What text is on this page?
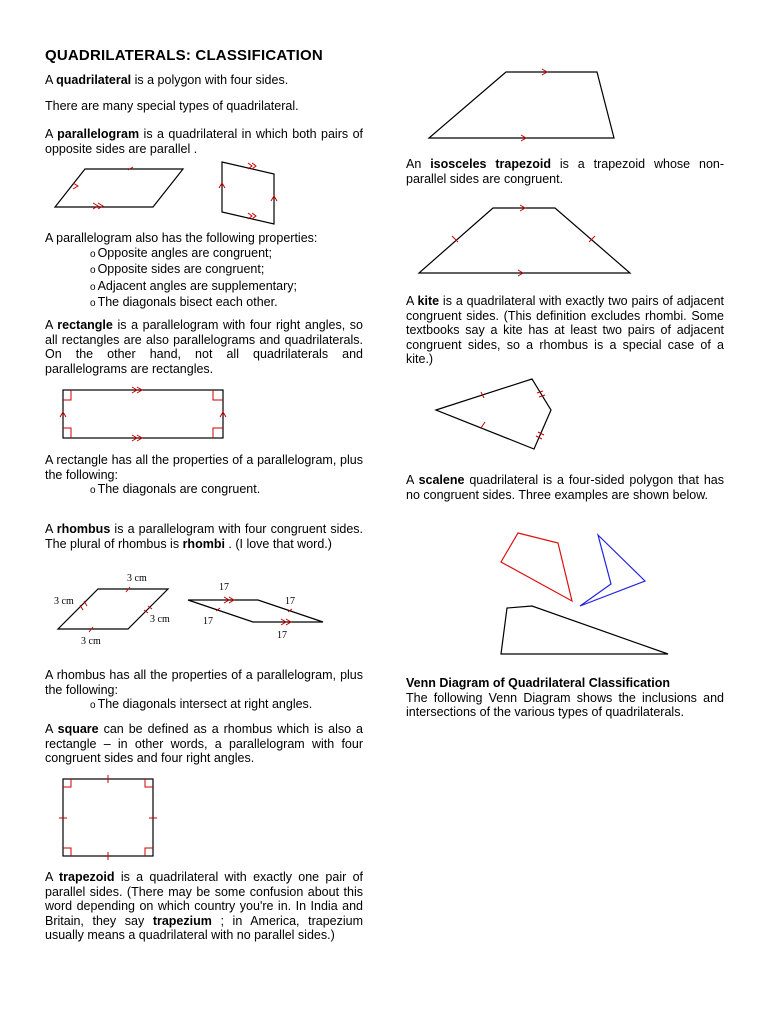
QUADRILATERALS: CLASSIFICATION

A quadrilateral is a polygon with four sides.

There are many special types of quadrilateral.

A parallelogram is a quadrilateral in which both pairs of opposite sides are parallel .

A parallelogram also has the following properties:

o Opposite angles are congruent;
o Opposite sides are congruent;
o Adjacent angles are supplementary;
o The diagonals bisect each other.

A rectangle is a parallelogram with four right angles, so all rectangles are also parallelograms and quadrilaterals. On the other hand, not all quadrilaterals and parallelograms are rectangles.

A rectangle has all the properties of a parallelogram, plus the following:

o The diagonals are congruent.

A rhombus is a parallelogram with four congruent sides. The plural of rhombus is rhombi . (I love that word.)

3 cm
3 cm
3 cm
3 cm
17
17
17
17

A rhombus has all the properties of a parallelogram, plus the following:

o The diagonals intersect at right angles.

A square can be defined as a rhombus which is also a rectangle – in other words, a parallelogram with four congruent sides and four right angles.

A trapezoid is a quadrilateral with exactly one pair of parallel sides. (There may be some confusion about this word depending on which country you're in. In India and Britain, they say trapezium ; in America, trapezium usually means a quadrilateral with no parallel sides.)

An isosceles trapezoid is a trapezoid whose non-parallel sides are congruent.

A kite is a quadrilateral with exactly two pairs of adjacent congruent sides. (This definition excludes rhombi. Some textbooks say a kite has at least two pairs of adjacent congruent sides, so a rhombus is a special case of a kite.)

A scalene quadrilateral is a four-sided polygon that has no congruent sides. Three examples are shown below.

Venn Diagram of Quadrilateral Classification

The following Venn Diagram shows the inclusions and intersections of the various types of quadrilaterals.
